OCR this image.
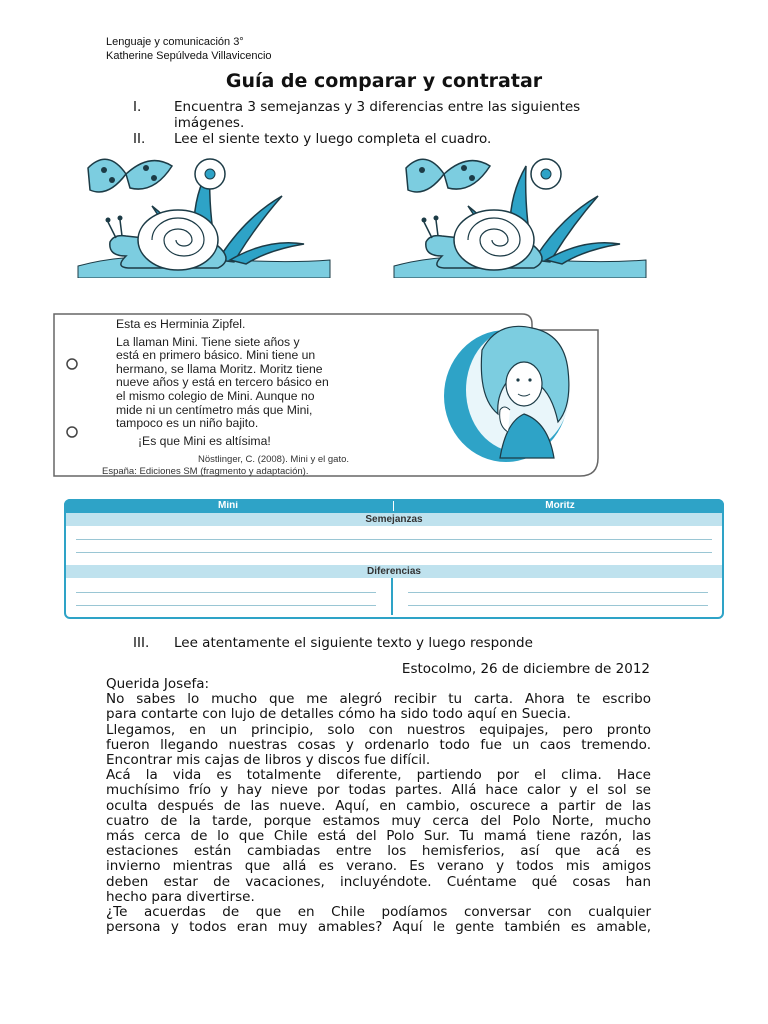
Lenguaje y comunicación 3°
Katherine Sepúlveda Villavicencio
Guía de comparar y contratar
I.	Encuentra 3 semejanzas y 3 diferencias entre las siguientes imágenes.
II.	Lee el siente texto y luego completa el cuadro.
Esta es Herminia Zipfel.
La llaman Mini. Tiene siete años y
está en primero básico. Mini tiene un
hermano, se llama Moritz. Moritz tiene
nueve años y está en tercero básico en
el mismo colegio de Mini. Aunque no
mide ni un centímetro más que Mini,
tampoco es un niño bajito.
¡Es que Mini es altísima!
Nöstlinger, C. (2008). Mini y el gato.
España: Ediciones SM (fragmento y adaptación).
Mini	Moritz
Semejanzas
Diferencias
III. Lee atentamente el siguiente texto y luego responde
Estocolmo, 26 de diciembre de 2012
Querida Josefa:
No sabes lo mucho que me alegró recibir tu carta. Ahora te escribo
para contarte con lujo de detalles cómo ha sido todo aquí en Suecia.
Llegamos, en un principio, solo con nuestros equipajes, pero pronto
fueron llegando nuestras cosas y ordenarlo todo fue un caos tremendo.
Encontrar mis cajas de libros y discos fue difícil.
Acá la vida es totalmente diferente, partiendo por el clima. Hace
muchísimo frío y hay nieve por todas partes. Allá hace calor y el sol se
oculta después de las nueve. Aquí, en cambio, oscurece a partir de las
cuatro de la tarde, porque estamos muy cerca del Polo Norte, mucho
más cerca de lo que Chile está del Polo Sur. Tu mamá tiene razón, las
estaciones están cambiadas entre los hemisferios, así que acá es
invierno mientras que allá es verano. Es verano y todos mis amigos
deben estar de vacaciones, incluyéndote. Cuéntame qué cosas han
hecho para divertirse.
¿Te acuerdas de que en Chile podíamos conversar con cualquier
persona y todos eran muy amables? Aquí le gente también es amable,
